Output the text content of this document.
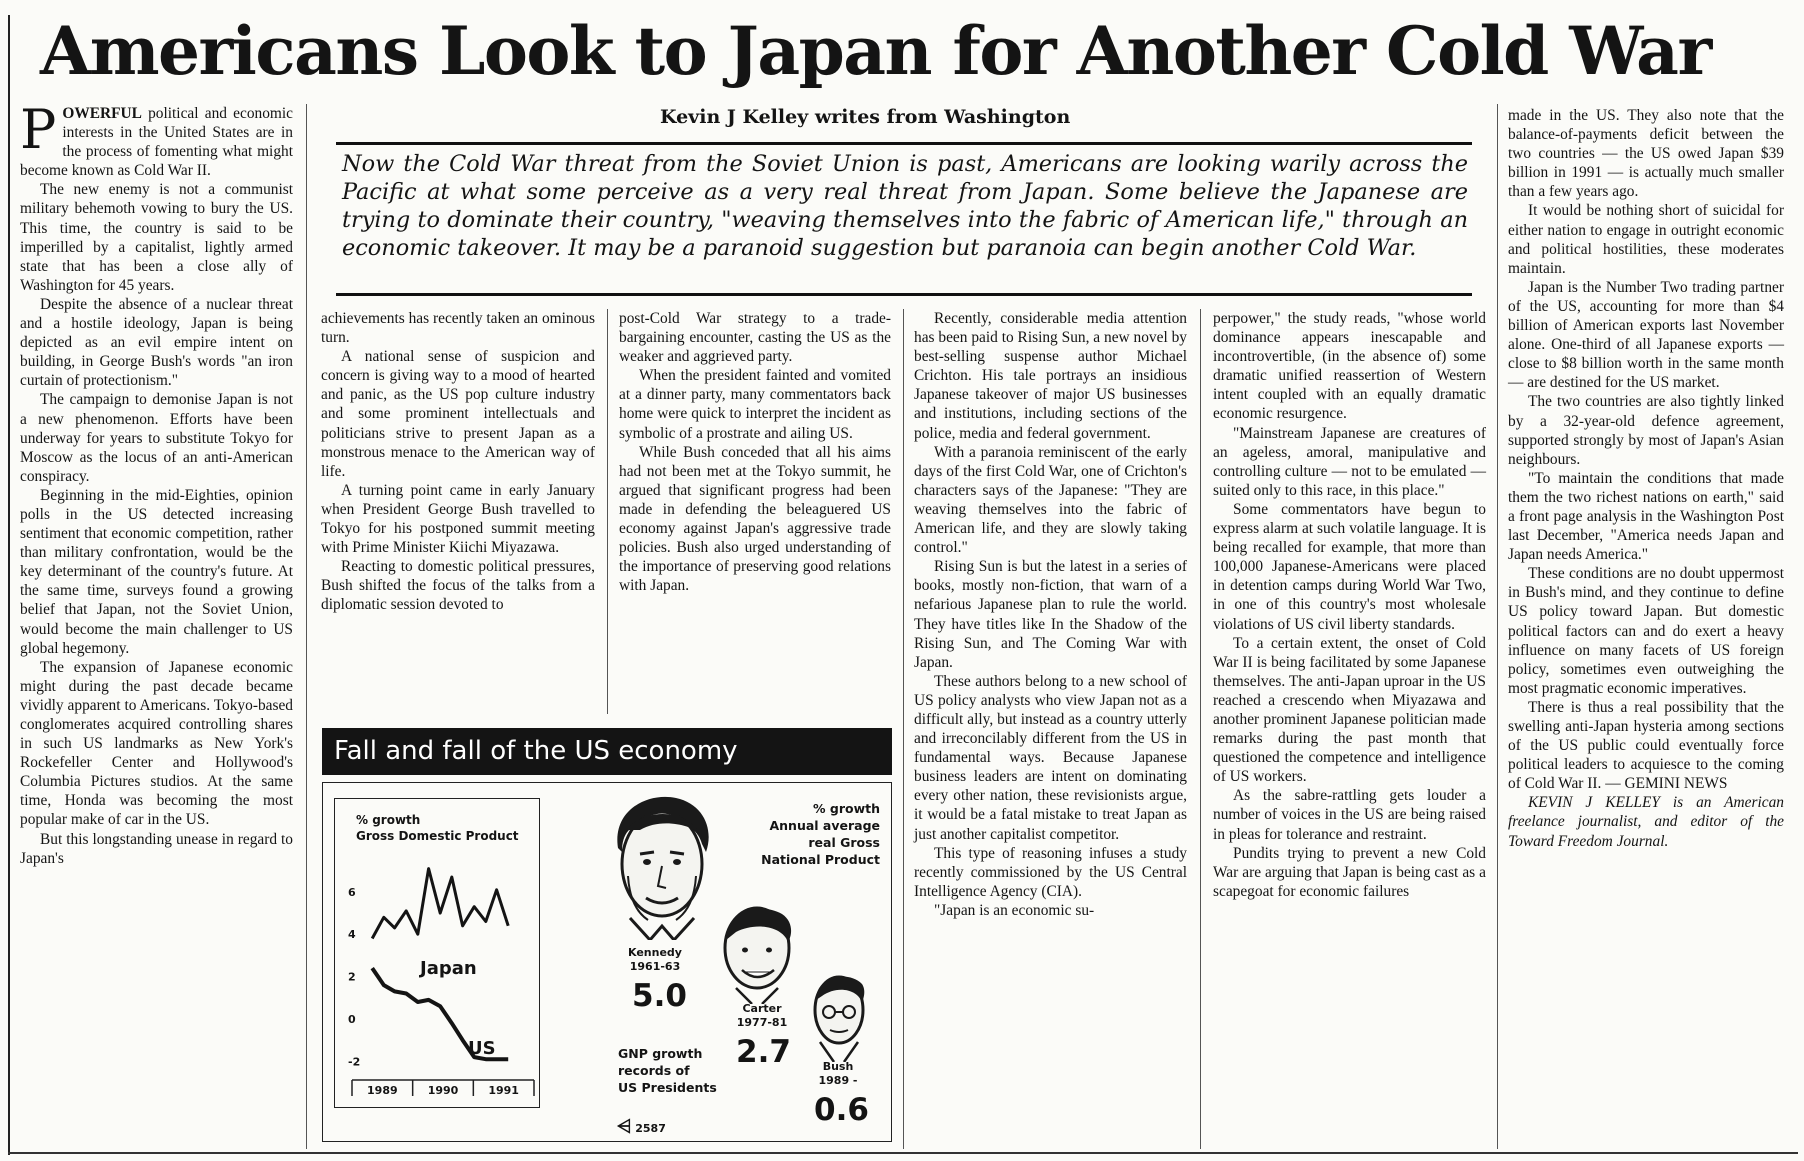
Americans Look to Japan for Another Cold War
Kevin J Kelley writes from Washington

Now the Cold War threat from the Soviet Union is past, Americans are looking warily across the Pacific at what some perceive as a very real threat from Japan. Some believe the Japanese are trying to dominate their country, "weaving themselves into the fabric of American life," through an economic takeover. It may be a paranoid suggestion but paranoia can begin another Cold War.

POWERFUL political and economic interests in the United States are in the process of fomenting what might become known as Cold War II.

The new enemy is not a communist military behemoth vowing to bury the US. This time, the country is said to be imperilled by a capitalist, lightly armed state that has been a close ally of Washington for 45 years.

Despite the absence of a nuclear threat and a hostile ideology, Japan is being depicted as an evil empire intent on building, in George Bush's words "an iron curtain of protectionism."

The campaign to demonise Japan is not a new phenomenon. Efforts have been underway for years to substitute Tokyo for Moscow as the locus of an anti-American conspiracy.

Beginning in the mid-Eighties, opinion polls in the US detected increasing sentiment that economic competition, rather than military confrontation, would be the key determinant of the country's future. At the same time, surveys found a growing belief that Japan, not the Soviet Union, would become the main challenger to US global hegemony.

The expansion of Japanese economic might during the past decade became vividly apparent to Americans. Tokyo-based conglomerates acquired controlling shares in such US landmarks as New York's Rockefeller Center and Hollywood's Columbia Pictures studios. At the same time, Honda was becoming the most popular make of car in the US.

But this longstanding unease in regard to Japan's

achievements has recently taken an ominous turn.

A national sense of suspicion and concern is giving way to a mood of hearted and panic, as the US pop culture industry and some prominent intellectuals and politicians strive to present Japan as a monstrous menace to the American way of life.

A turning point came in early January when President George Bush travelled to Tokyo for his postponed summit meeting with Prime Minister Kiichi Miyazawa.

Reacting to domestic political pressures, Bush shifted the focus of the talks from a diplomatic session devoted to

post-Cold War strategy to a trade-bargaining encounter, casting the US as the weaker and aggrieved party.

When the president fainted and vomited at a dinner party, many commentators back home were quick to interpret the incident as symbolic of a prostrate and ailing US.

While Bush conceded that all his aims had not been met at the Tokyo summit, he argued that significant progress had been made in defending the beleaguered US economy against Japan's aggressive trade policies. Bush also urged understanding of the importance of preserving good relations with Japan.

Recently, considerable media attention has been paid to Rising Sun, a new novel by best-selling suspense author Michael Crichton. His tale portrays an insidious Japanese takeover of major US businesses and institutions, including sections of the police, media and federal government.

With a paranoia reminiscent of the early days of the first Cold War, one of Crichton's characters says of the Japanese: "They are weaving themselves into the fabric of American life, and they are slowly taking control."

Rising Sun is but the latest in a series of books, mostly non-fiction, that warn of a nefarious Japanese plan to rule the world. They have titles like In the Shadow of the Rising Sun, and The Coming War with Japan.

These authors belong to a new school of US policy analysts who view Japan not as a difficult ally, but instead as a country utterly and irreconcilably different from the US in fundamental ways. Because Japanese business leaders are intent on dominating every other nation, these revisionists argue, it would be a fatal mistake to treat Japan as just another capitalist competitor.

This type of reasoning infuses a study recently commissioned by the US Central Intelligence Agency (CIA).

"Japan is an economic su-

perpower," the study reads, "whose world dominance appears inescapable and incontrovertible, (in the absence of) some dramatic unified reassertion of Western intent coupled with an equally dramatic economic resurgence.

"Mainstream Japanese are creatures of an ageless, amoral, manipulative and controlling culture — not to be emulated — suited only to this race, in this place."

Some commentators have begun to express alarm at such volatile language. It is being recalled for example, that more than 100,000 Japanese-Americans were placed in detention camps during World War Two, in one of this country's most wholesale violations of US civil liberty standards.

To a certain extent, the onset of Cold War II is being facilitated by some Japanese themselves. The anti-Japan uproar in the US reached a crescendo when Miyazawa and another prominent Japanese politician made remarks during the past month that questioned the competence and intelligence of US workers.

As the sabre-rattling gets louder a number of voices in the US are being raised in pleas for tolerance and restraint.

Pundits trying to prevent a new Cold War are arguing that Japan is being cast as a scapegoat for economic failures

made in the US. They also note that the balance-of-payments deficit between the two countries — the US owed Japan $39 billion in 1991 — is actually much smaller than a few years ago.

It would be nothing short of suicidal for either nation to engage in outright economic and political hostilities, these moderates maintain.

Japan is the Number Two trading partner of the US, accounting for more than $4 billion of American exports last November alone. One-third of all Japanese exports — close to $8 billion worth in the same month — are destined for the US market.

The two countries are also tightly linked by a 32-year-old defence agreement, supported strongly by most of Japan's Asian neighbours.

"To maintain the conditions that made them the two richest nations on earth," said a front page analysis in the Washington Post last December, "America needs Japan and Japan needs America."

These conditions are no doubt uppermost in Bush's mind, and they continue to define US policy toward Japan. But domestic political factors can and do exert a heavy influence on many facets of US foreign policy, sometimes even outweighing the most pragmatic economic imperatives.

There is thus a real possibility that the swelling anti-Japan hysteria among sections of the US public could eventually force political leaders to acquiesce to the coming of Cold War II. — GEMINI NEWS

KEVIN J KELLEY is an American freelance journalist, and editor of the Toward Freedom Journal.

Fall and fall of the US economy
% growth
Gross Domestic Product
6
4
2
0
-2
1989	1990	1991
Japan
US
% growth
Annual average
real Gross
National Product
Kennedy
1961-63
5.0	Carter
1977-81
2.7	Bush
1989 -
0.6
GNP growth
records of
US Presidents
⩤ 2587
